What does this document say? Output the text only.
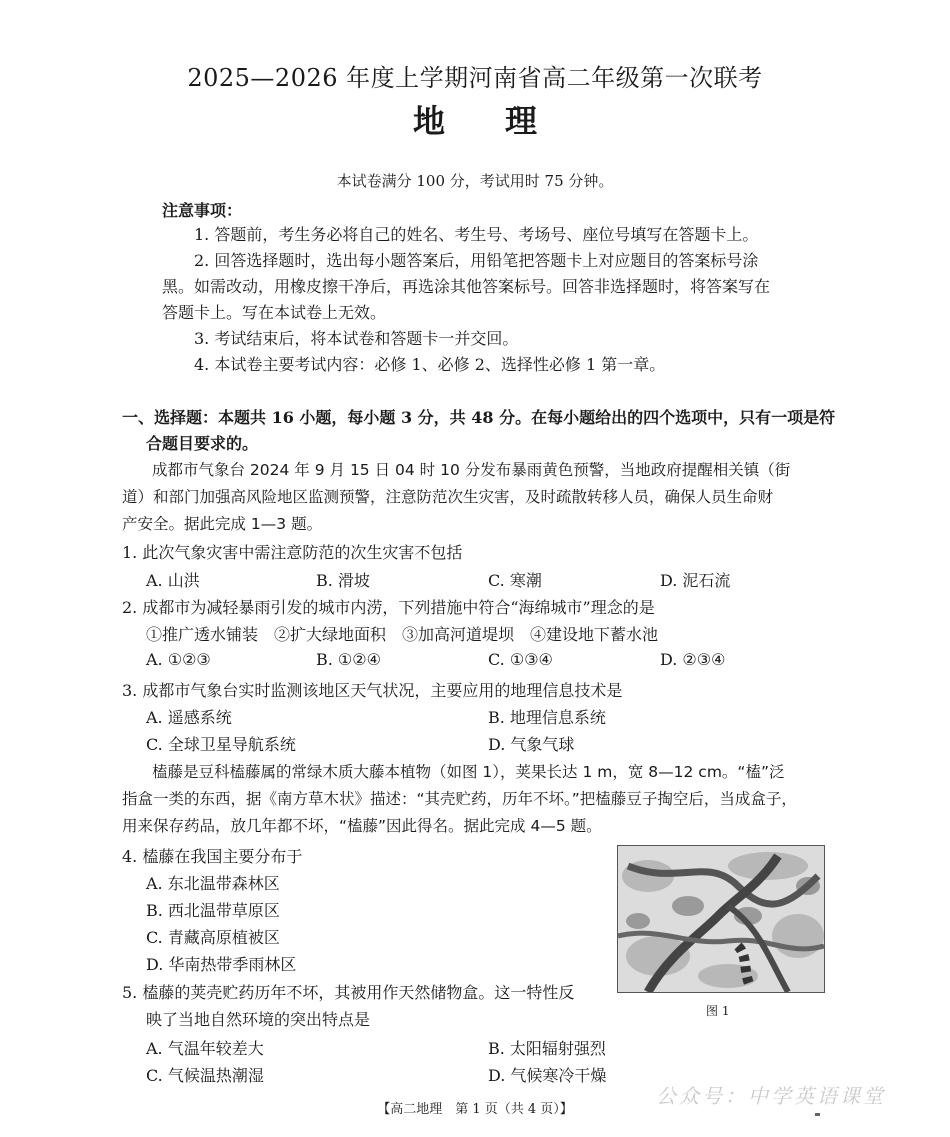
2025—2026 年度上学期河南省高二年级第一次联考
地理
本试卷满分 100 分，考试用时 75 分钟。
注意事项：
1. 答题前，考生务必将自己的姓名、考生号、考场号、座位号填写在答题卡上。
2. 回答选择题时，选出每小题答案后，用铅笔把答题卡上对应题目的答案标号涂
黑。如需改动，用橡皮擦干净后，再选涂其他答案标号。回答非选择题时，将答案写在
答题卡上。写在本试卷上无效。
3. 考试结束后，将本试卷和答题卡一并交回。
4. 本试卷主要考试内容：必修 1、必修 2、选择性必修 1 第一章。
一、选择题：本题共 16 小题，每小题 3 分，共 48 分。在每小题给出的四个选项中，只有一项是符
合题目要求的。
成都市气象台 2024 年 9 月 15 日 04 时 10 分发布暴雨黄色预警，当地政府提醒相关镇（街
道）和部门加强高风险地区监测预警，注意防范次生灾害，及时疏散转移人员，确保人员生命财
产安全。据此完成 1—3 题。
1. 此次气象灾害中需注意防范的次生灾害不包括
A. 山洪	B. 滑坡	C. 寒潮	D. 泥石流
2. 成都市为减轻暴雨引发的城市内涝，下列措施中符合“海绵城市”理念的是
①推广透水铺装　②扩大绿地面积　③加高河道堤坝　④建设地下蓄水池
A. ①②③	B. ①②④	C. ①③④	D. ②③④
3. 成都市气象台实时监测该地区天气状况，主要应用的地理信息技术是
A. 遥感系统	B. 地理信息系统
C. 全球卫星导航系统	D. 气象气球
榼藤是豆科榼藤属的常绿木质大藤本植物（如图 1），荚果长达 1 m，宽 8—12 cm。“榼”泛
指盒一类的东西，据《南方草木状》描述：“其壳贮药，历年不坏。”把榼藤豆子掏空后，当成盒子，
用来保存药品，放几年都不坏，“榼藤”因此得名。据此完成 4—5 题。
4. 榼藤在我国主要分布于
A. 东北温带森林区
B. 西北温带草原区
C. 青藏高原植被区
D. 华南热带季雨林区
5. 榼藤的荚壳贮药历年不坏，其被用作天然储物盒。这一特性反
映了当地自然环境的突出特点是
A. 气温年较差大	B. 太阳辐射强烈
C. 气候温热潮湿	D. 气候寒冷干燥
图 1
公众号：中学英语课堂
【高二地理　第 1 页（共 4 页）】
